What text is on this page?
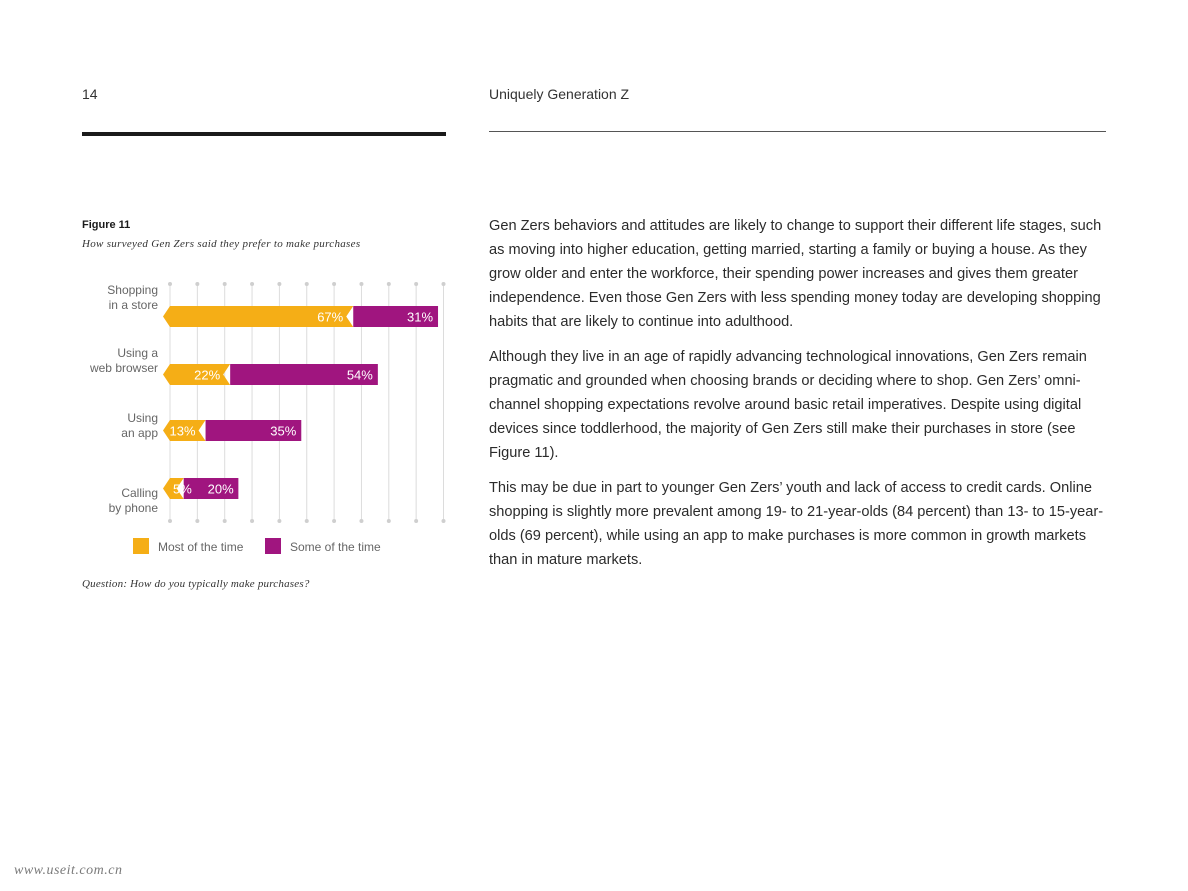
14	Uniquely Generation Z
Figure 11
How surveyed Gen Zers said they prefer to make purchases
Shopping
in a store
Using a
web browser
Using
an app
Calling
by phone
67%	31%
22%	54%
13%	35%
5% 20%
Most of the time	Some of the time
Question: How do you typically make purchases?

Gen Zers behaviors and attitudes are likely to change to support their different life stages, such as moving into higher education, getting married, starting a family or buying a house. As they grow older and enter the workforce, their spending power increases and gives them greater independence. Even those Gen Zers with less spending money today are developing shopping habits that are likely to continue into adulthood.

Although they live in an age of rapidly advancing technological innovations, Gen Zers remain pragmatic and grounded when choosing brands or deciding where to shop. Gen Zers’ omni-channel shopping expectations revolve around basic retail imperatives. Despite using digital devices since toddlerhood, the majority of Gen Zers still make their purchases in store (see Figure 11).

This may be due in part to younger Gen Zers’ youth and lack of access to credit cards. Online shopping is slightly more prevalent among 19- to 21-year-olds (84 percent) than 13- to 15-year-olds (69 percent), while using an app to make purchases is more common in growth markets than in mature markets.

www.useit.com.cn
